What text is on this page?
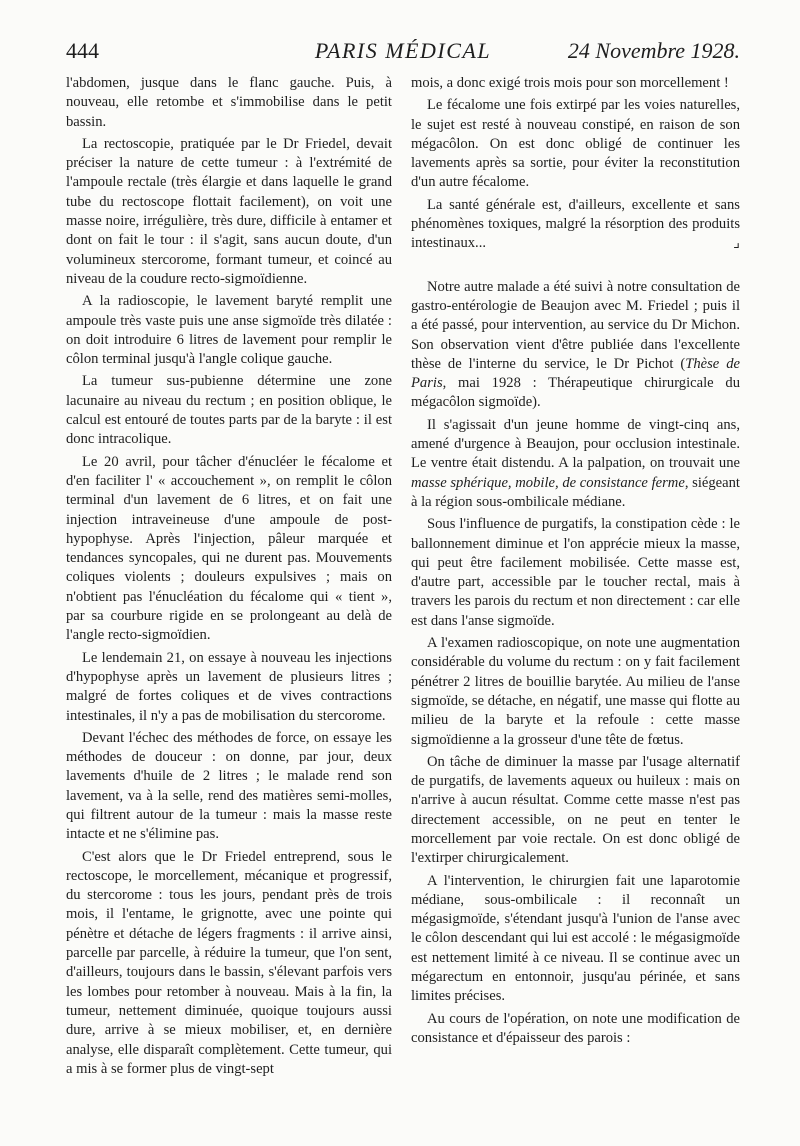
444	PARIS MÉDICAL	24 Novembre 1928.

l'abdomen, jusque dans le flanc gauche. Puis, à nouveau, elle retombe et s'immobilise dans le petit bassin.

La rectoscopie, pratiquée par le Dr Friedel, devait préciser la nature de cette tumeur : à l'extrémité de l'ampoule rectale (très élargie et dans laquelle le grand tube du rectoscope flottait facilement), on voit une masse noire, irrégulière, très dure, difficile à entamer et dont on fait le tour : il s'agit, sans aucun doute, d'un volumineux stercorome, formant tumeur, et coincé au niveau de la coudure recto-sigmoïdienne.

A la radioscopie, le lavement baryté remplit une ampoule très vaste puis une anse sigmoïde très dilatée : on doit introduire 6 litres de lavement pour remplir le côlon terminal jusqu'à l'angle colique gauche.

La tumeur sus-pubienne détermine une zone lacunaire au niveau du rectum ; en position oblique, le calcul est entouré de toutes parts par de la baryte : il est donc intracolique.

Le 20 avril, pour tâcher d'énucléer le fécalome et d'en faciliter l' « accouchement », on remplit le côlon terminal d'un lavement de 6 litres, et on fait une injection intraveineuse d'une ampoule de post-hypophyse. Après l'injection, pâleur marquée et tendances syncopales, qui ne durent pas. Mouvements coliques violents ; douleurs expulsives ; mais on n'obtient pas l'énucléation du fécalome qui « tient », par sa courbure rigide en se prolongeant au delà de l'angle recto-sigmoïdien.

Le lendemain 21, on essaye à nouveau les injections d'hypophyse après un lavement de plusieurs litres ; malgré de fortes coliques et de vives contractions intestinales, il n'y a pas de mobilisation du stercorome.

Devant l'échec des méthodes de force, on essaye les méthodes de douceur : on donne, par jour, deux lavements d'huile de 2 litres ; le malade rend son lavement, va à la selle, rend des matières semi-molles, qui filtrent autour de la tumeur : mais la masse reste intacte et ne s'élimine pas.

C'est alors que le Dr Friedel entreprend, sous le rectoscope, le morcellement, mécanique et progressif, du stercorome : tous les jours, pendant près de trois mois, il l'entame, le grignotte, avec une pointe qui pénètre et détache de légers fragments : il arrive ainsi, parcelle par parcelle, à réduire la tumeur, que l'on sent, d'ailleurs, toujours dans le bassin, s'élevant parfois vers les lombes pour retomber à nouveau. Mais à la fin, la tumeur, nettement diminuée, quoique toujours aussi dure, arrive à se mieux mobiliser, et, en dernière analyse, elle disparaît complètement. Cette tumeur, qui a mis à se former plus de vingt-sept

mois, a donc exigé trois mois pour son morcellement !

Le fécalome une fois extirpé par les voies naturelles, le sujet est resté à nouveau constipé, en raison de son mégacôlon. On est donc obligé de continuer les lavements après sa sortie, pour éviter la reconstitution d'un autre fécalome.

La santé générale est, d'ailleurs, excellente et sans phénomènes toxiques, malgré la résorption des produits intestinaux...	⌟

Notre autre malade a été suivi à notre consultation de gastro-entérologie de Beaujon avec M. Friedel ; puis il a été passé, pour intervention, au service du Dr Michon. Son observation vient d'être publiée dans l'excellente thèse de l'interne du service, le Dr Pichot (Thèse de Paris, mai 1928 : Thérapeutique chirurgicale du mégacôlon sigmoïde).

Il s'agissait d'un jeune homme de vingt-cinq ans, amené d'urgence à Beaujon, pour occlusion intestinale. Le ventre était distendu. A la palpation, on trouvait une masse sphérique, mobile, de consistance ferme, siégeant à la région sous-ombilicale médiane.

Sous l'influence de purgatifs, la constipation cède : le ballonnement diminue et l'on apprécie mieux la masse, qui peut être facilement mobilisée. Cette masse est, d'autre part, accessible par le toucher rectal, mais à travers les parois du rectum et non directement : car elle est dans l'anse sigmoïde.

A l'examen radioscopique, on note une augmentation considérable du volume du rectum : on y fait facilement pénétrer 2 litres de bouillie barytée. Au milieu de l'anse sigmoïde, se détache, en négatif, une masse qui flotte au milieu de la baryte et la refoule : cette masse sigmoïdienne a la grosseur d'une tête de fœtus.

On tâche de diminuer la masse par l'usage alternatif de purgatifs, de lavements aqueux ou huileux : mais on n'arrive à aucun résultat. Comme cette masse n'est pas directement accessible, on ne peut en tenter le morcellement par voie rectale. On est donc obligé de l'extirper chirurgicalement.

A l'intervention, le chirurgien fait une laparotomie médiane, sous-ombilicale : il reconnaît un mégasigmoïde, s'étendant jusqu'à l'union de l'anse avec le côlon descendant qui lui est accolé : le mégasigmoïde est nettement limité à ce niveau. Il se continue avec un mégarectum en entonnoir, jusqu'au périnée, et sans limites précises.

Au cours de l'opération, on note une modification de consistance et d'épaisseur des parois :
